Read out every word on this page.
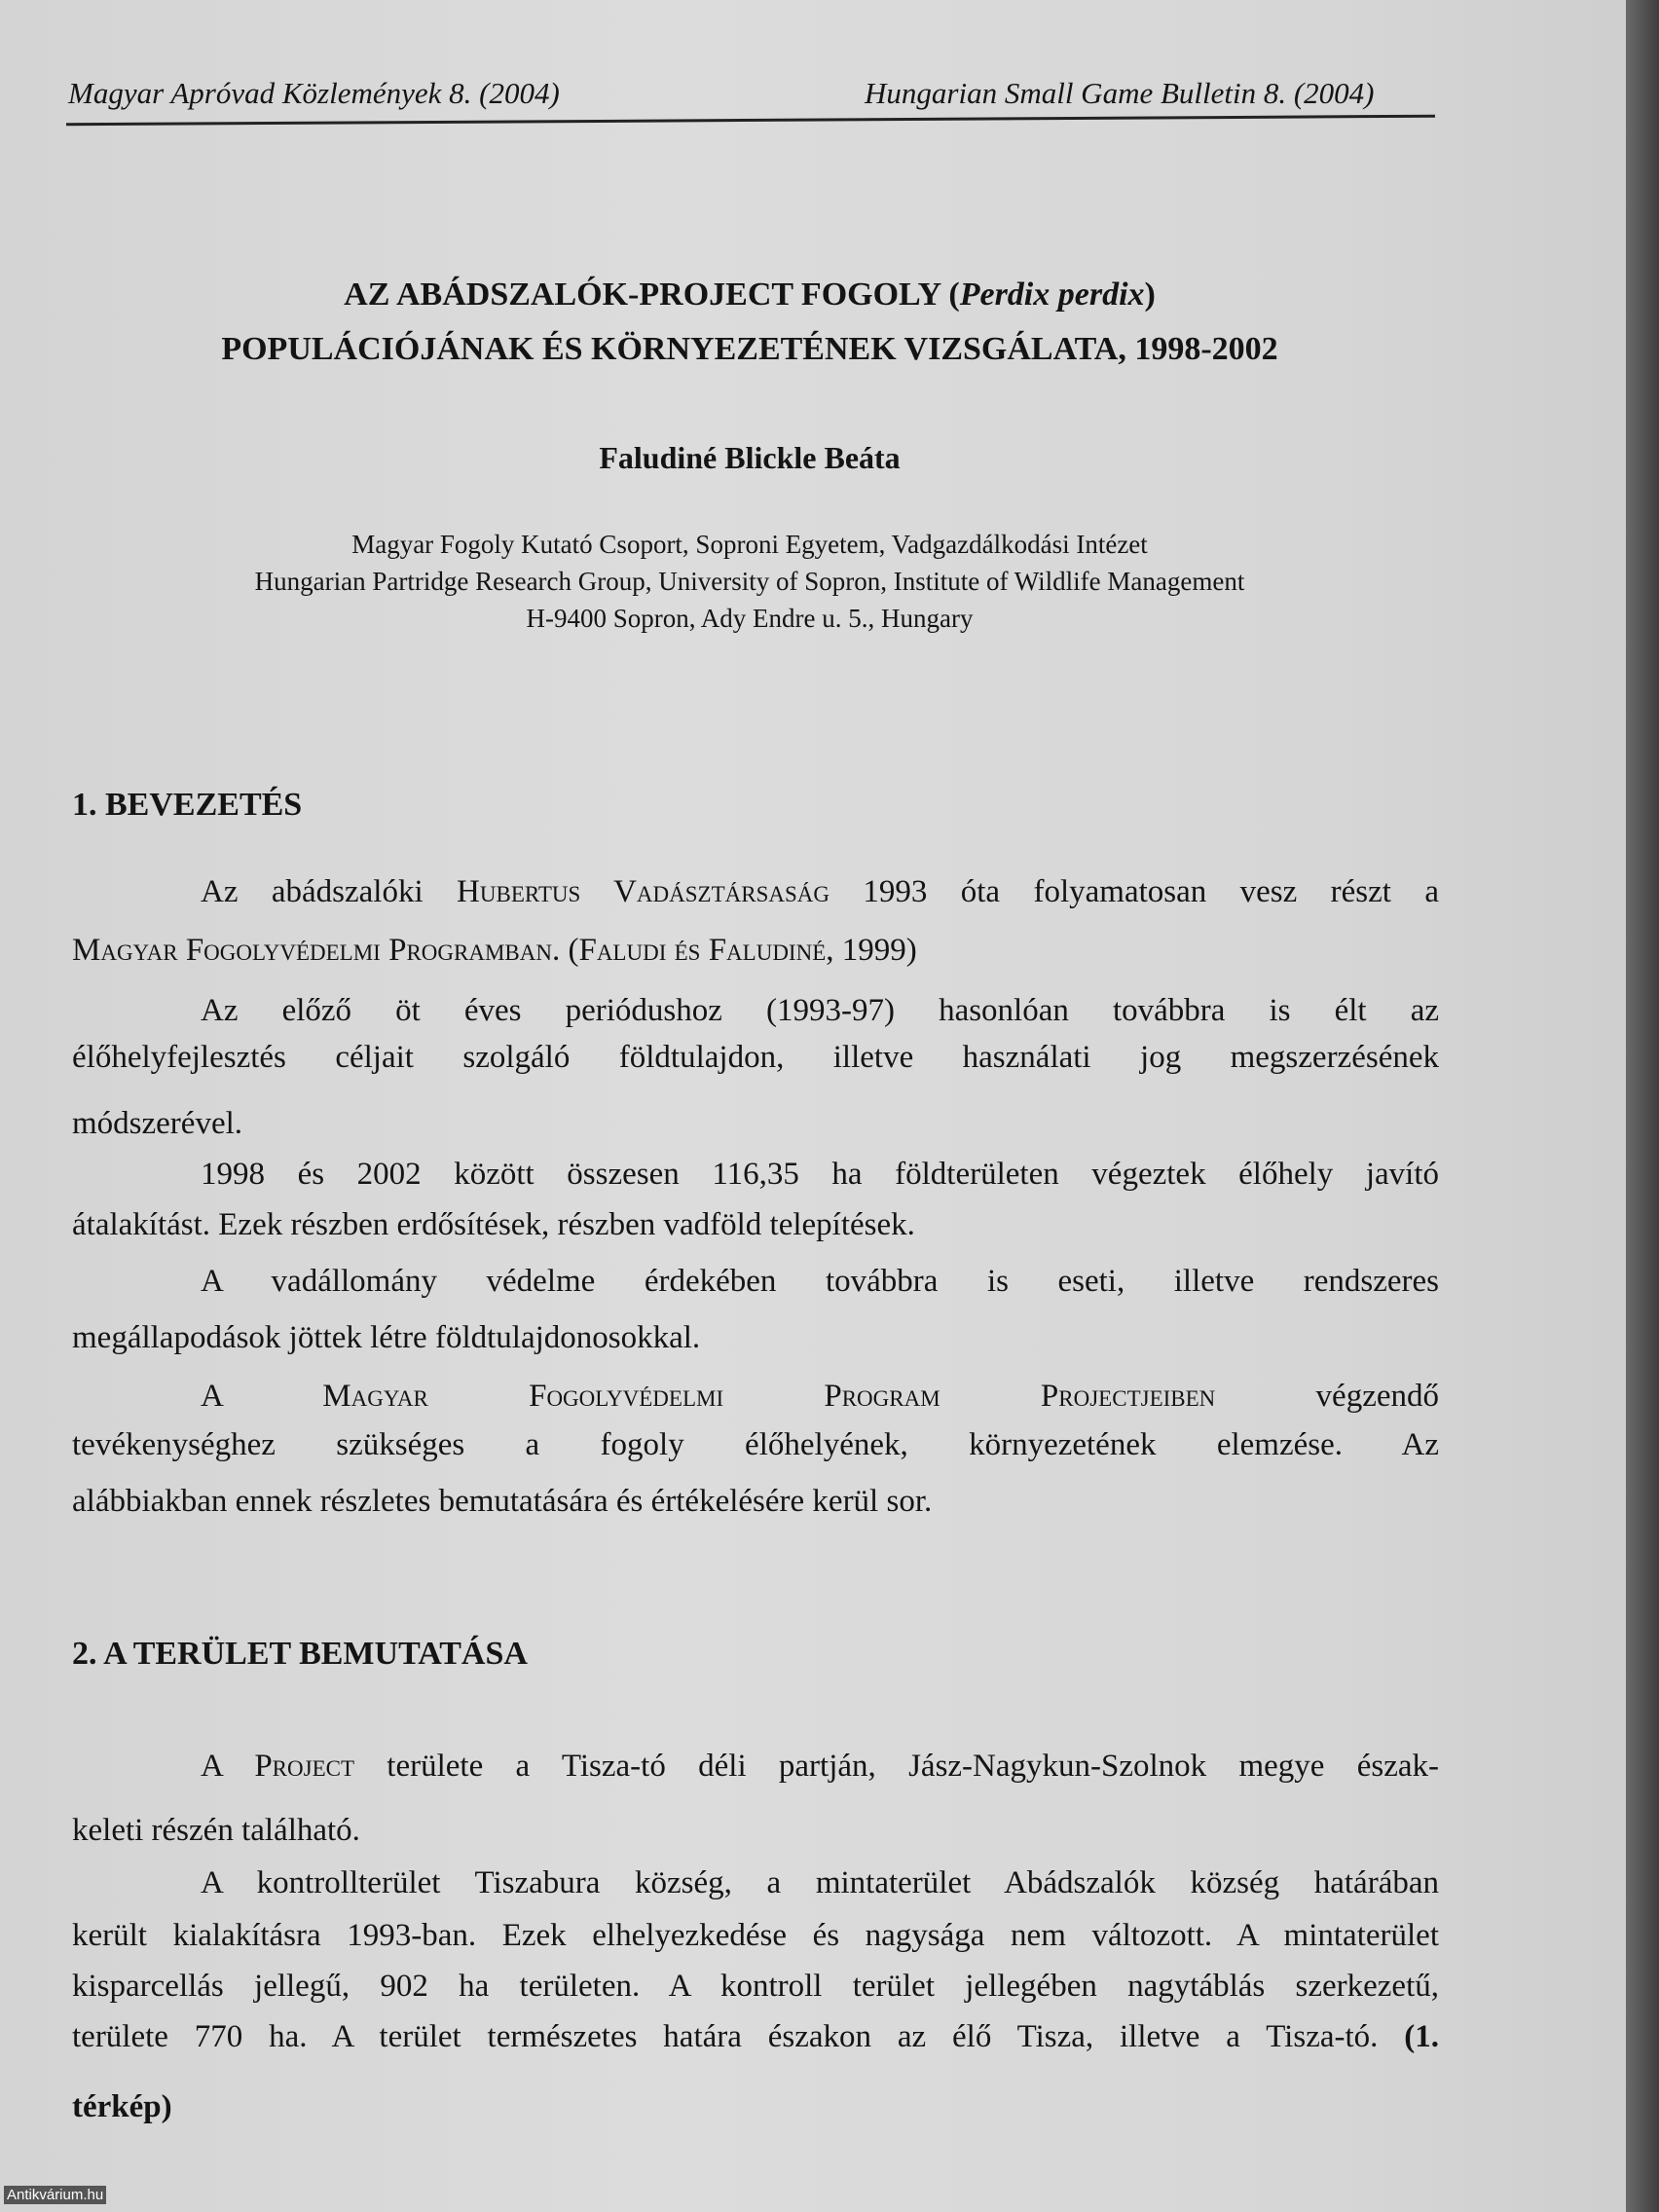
Magyar Apróvad Közlemények 8. (2004)	Hungarian Small Game Bulletin 8. (2004)
AZ ABÁDSZALÓK-PROJECT FOGOLY (Perdix perdix)
POPULÁCIÓJÁNAK ÉS KÖRNYEZETÉNEK VIZSGÁLATA, 1998-2002
Faludiné Blickle Beáta
Magyar Fogoly Kutató Csoport, Soproni Egyetem, Vadgazdálkodási Intézet
Hungarian Partridge Research Group, University of Sopron, Institute of Wildlife Management
H-9400 Sopron, Ady Endre u. 5., Hungary
1. BEVEZETÉS
Az abádszalóki Hubertus Vadásztársaság 1993 óta folyamatosan vesz részt a
Magyar Fogolyvédelmi Programban. (Faludi és Faludiné, 1999)
Az előző öt éves periódushoz (1993-97) hasonlóan továbbra is élt az
élőhelyfejlesztés céljait szolgáló földtulajdon, illetve használati jog megszerzésének
módszerével.
1998 és 2002 között összesen 116,35 ha földterületen végeztek élőhely javító
átalakítást. Ezek részben erdősítések, részben vadföld telepítések.
A vadállomány védelme érdekében továbbra is eseti, illetve rendszeres
megállapodások jöttek létre földtulajdonosokkal.
A Magyar Fogolyvédelmi Program Projectjeiben végzendő
tevékenységhez szükséges a fogoly élőhelyének, környezetének elemzése. Az
alábbiakban ennek részletes bemutatására és értékelésére kerül sor.
2. A TERÜLET BEMUTATÁSA
A Project területe a Tisza-tó déli partján, Jász-Nagykun-Szolnok megye észak-
keleti részén található.
A kontrollterület Tiszabura község, a mintaterület Abádszalók község határában
került kialakításra 1993-ban. Ezek elhelyezkedése és nagysága nem változott. A mintaterület
kisparcellás jellegű, 902 ha területen. A kontroll terület jellegében nagytáblás szerkezetű,
területe 770 ha. A terület természetes határa északon az élő Tisza, illetve a Tisza-tó. (1.
térkép)
Antikvárium.hu
